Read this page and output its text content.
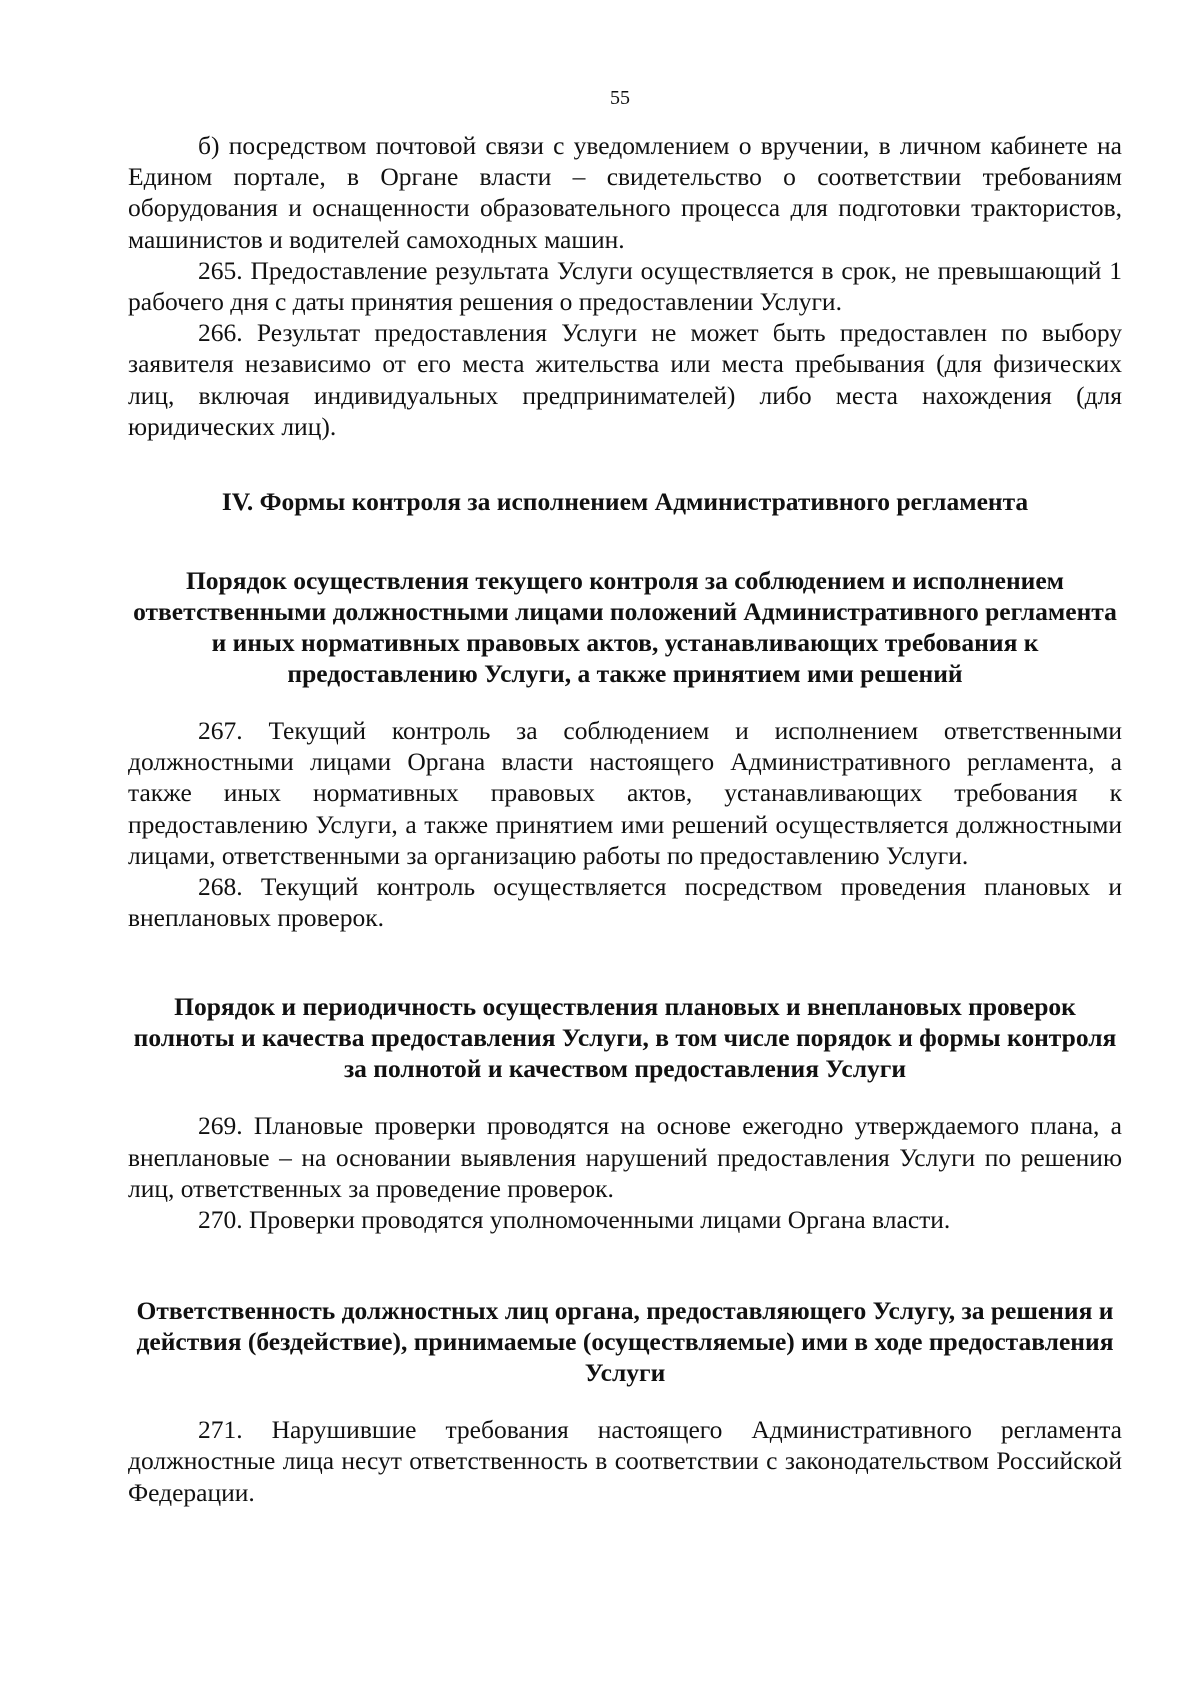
55

б) посредством почтовой связи с уведомлением о вручении, в личном кабинете на Едином портале, в Органе власти – свидетельство о соответствии требованиям оборудования и оснащенности образовательного процесса для подготовки трактористов, машинистов и водителей самоходных машин.

265. Предоставление результата Услуги осуществляется в срок, не превышающий 1 рабочего дня с даты принятия решения о предоставлении Услуги.

266. Результат предоставления Услуги не может быть предоставлен по выбору заявителя независимо от его места жительства или места пребывания (для физических лиц, включая индивидуальных предпринимателей) либо места нахождения (для юридических лиц).

IV. Формы контроля за исполнением Административного регламента
Порядок осуществления текущего контроля за соблюдением и исполнением ответственными должностными лицами положений Административного регламента и иных нормативных правовых актов, устанавливающих требования к предоставлению Услуги, а также принятием ими решений

267. Текущий контроль за соблюдением и исполнением ответственными должностными лицами Органа власти настоящего Административного регламента, а также иных нормативных правовых актов, устанавливающих требования к предоставлению Услуги, а также принятием ими решений осуществляется должностными лицами, ответственными за организацию работы по предоставлению Услуги.

268. Текущий контроль осуществляется посредством проведения плановых и внеплановых проверок.

Порядок и периодичность осуществления плановых и внеплановых проверок полноты и качества предоставления Услуги, в том числе порядок и формы контроля за полнотой и качеством предоставления Услуги

269. Плановые проверки проводятся на основе ежегодно утверждаемого плана, а внеплановые – на основании выявления нарушений предоставления Услуги по решению лиц, ответственных за проведение проверок.

270. Проверки проводятся уполномоченными лицами Органа власти.

Ответственность должностных лиц органа, предоставляющего Услугу, за решения и действия (бездействие), принимаемые (осуществляемые) ими в ходе предоставления Услуги

271. Нарушившие требования настоящего Административного регламента должностные лица несут ответственность в соответствии с законодательством Российской Федерации.
